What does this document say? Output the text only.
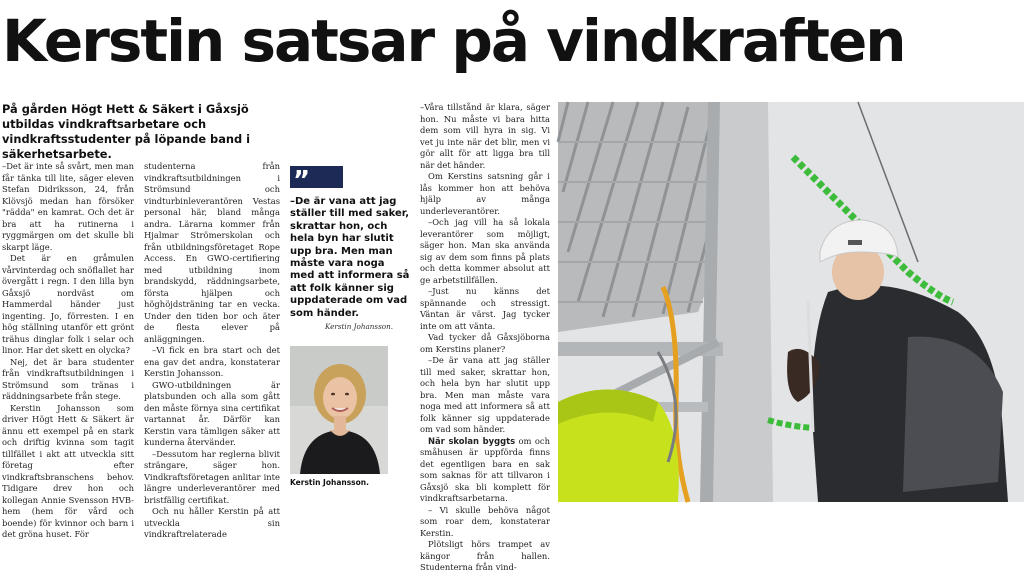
Kerstin satsar på vindkraften
På gården Högt Hett & Säkert i Gåxsjö utbildas vindkraftsarbetare och vindkraftsstudenter på löpande band i säkerhetsarbete.

–Det är inte så svårt, men man får tänka till lite, säger eleven Stefan Didriksson, 24, från Klövsjö medan han försöker "rädda" en kamrat. Och det är bra att ha rutinerna i ryggmärgen om det skulle bli skarpt läge.

Det är en gråmulen vårvinterdag och snöflallet har övergått i regn. I den lilla byn Gåxsjö nordväst om Hammerdal händer just ingenting. Jo, förresten. I en hög ställning utanför ett grönt trähus dinglar folk i selar och linor. Har det skett en olycka?

Nej, det är bara studenter från vindkraftsutbildningen i Strömsund som tränas i räddningsarbete från stege.

Kerstin Johansson som driver Högt Hett & Säkert är ännu ett exempel på en stark och driftig kvinna som tagit tillfället i akt att utveckla sitt företag efter vindkraftsbranschens behov. Tidigare drev hon och kollegan Annie Svensson HVB-hem (hem för vård och boende) för kvinnor och barn i det gröna huset. För

studenterna från vindkraftsutbildningen i Strömsund och vindturbinleverantören Vestas personal här, bland många andra. Lärarna kommer från Hjalmar Strömerskolan och från utbildningsföretaget Rope Access. En GWO-certifiering med utbildning inom brandskydd, räddningsarbete, första hjälpen och höghöjdsträning tar en vecka. Under den tiden bor och äter de flesta elever på anläggningen.

–Vi fick en bra start och det ena gav det andra, konstaterar Kerstin Johansson.

GWO-utbildningen är platsbunden och alla som gått den måste förnya sina certifikat vartannat år. Därför kan Kerstin vara tämligen säker att kunderna återvänder.

–Dessutom har reglerna blivit strängare, säger hon. Vindkraftsföretagen anlitar inte längre underleverantörer med bristfällig certifikat.

Och nu håller Kerstin på att utveckla sin vindkraftrelaterade

”
–De är vana att jag ställer till med saker, skrattar hon, och hela byn har slutit upp bra. Men man måste vara noga med att informera så att folk känner sig uppdaterade om vad som händer.
Kerstin Johansson.
Kerstin Johansson.

–Våra tillstånd är klara, säger hon. Nu måste vi bara hitta dem som vill hyra in sig. Vi vet ju inte när det blir, men vi gör allt för att ligga bra till när det händer.

Om Kerstins satsning går i lås kommer hon att behöva hjälp av många underleverantörer.

–Och jag vill ha så lokala leverantörer som möjligt, säger hon. Man ska använda sig av dem som finns på plats och detta kommer absolut att ge arbetstillfällen.

–Just nu känns det spännande och stressigt. Väntan är värst. Jag tycker inte om att vänta.

Vad tycker då Gåxsjöborna om Kerstins planer?

–De är vana att jag ställer till med saker, skrattar hon, och hela byn har slutit upp bra. Men man måste vara noga med att informera så att folk känner sig uppdaterade om vad som händer.

När skolan byggts om och småhusen är uppförda finns det egentligen bara en sak som saknas för att tillvaron i Gåxsjö ska bli komplett för vindkraftsarbetarna.

– Vi skulle behöva något som roar dem, konstaterar Kerstin.

Plötsligt hörs trampet av kängor från hallen. Studenterna från vind-
